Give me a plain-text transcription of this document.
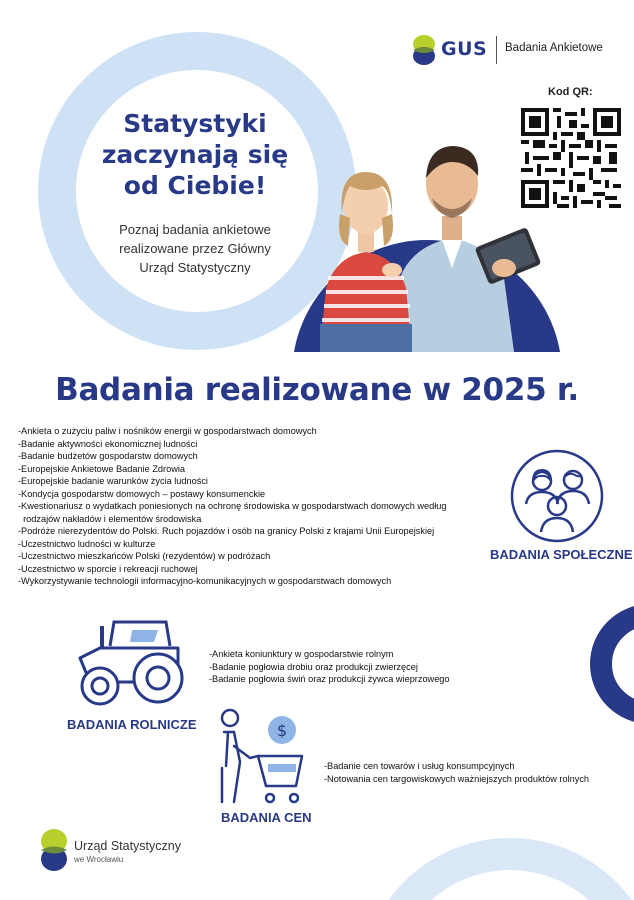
GUS Badania Ankietowe
Kod QR:
Statystyki
zaczynają się
od Ciebie!
Poznaj badania ankietowe
realizowane przez Główny
Urząd Statystyczny
Badania realizowane w 2025 r.
-Ankieta o zużyciu paliw i nośników energii w gospodarstwach domowych
-Badanie aktywności ekonomicznej ludności
-Badanie budżetów gospodarstw domowych
-Europejskie Ankietowe Badanie Zdrowia
-Europejskie badanie warunków życia ludności
-Kondycja gospodarstw domowych – postawy konsumenckie
-Kwestionariusz o wydatkach poniesionych na ochronę środowiska w gospodarstwach domowych według
rodzajów nakładów i elementów środowiska
-Podróże nierezydentów do Polski. Ruch pojazdów i osób na granicy Polski z krajami Unii Europejskiej
-Uczestnictwo ludności w kulturze
-Uczestnictwo mieszkańców Polski (rezydentów) w podróżach
-Uczestnictwo w sporcie i rekreacji ruchowej
-Wykorzystywanie technologii informacyjno-komunikacyjnych w gospodarstwach domowych
BADANIA SPOŁECZNE
-Ankieta koniunktury w gospodarstwie rolnym
-Badanie pogłowia drobiu oraz produkcji zwierzęcej
-Badanie pogłowia świń oraz produkcji żywca wieprzowego
BADANIA ROLNICZE	$
-Badanie cen towarów i usług konsumpcyjnych
-Notowania cen targowiskowych ważniejszych produktów rolnych
BADANIA CEN
Urząd Statystyczny
we Wrocławiu
